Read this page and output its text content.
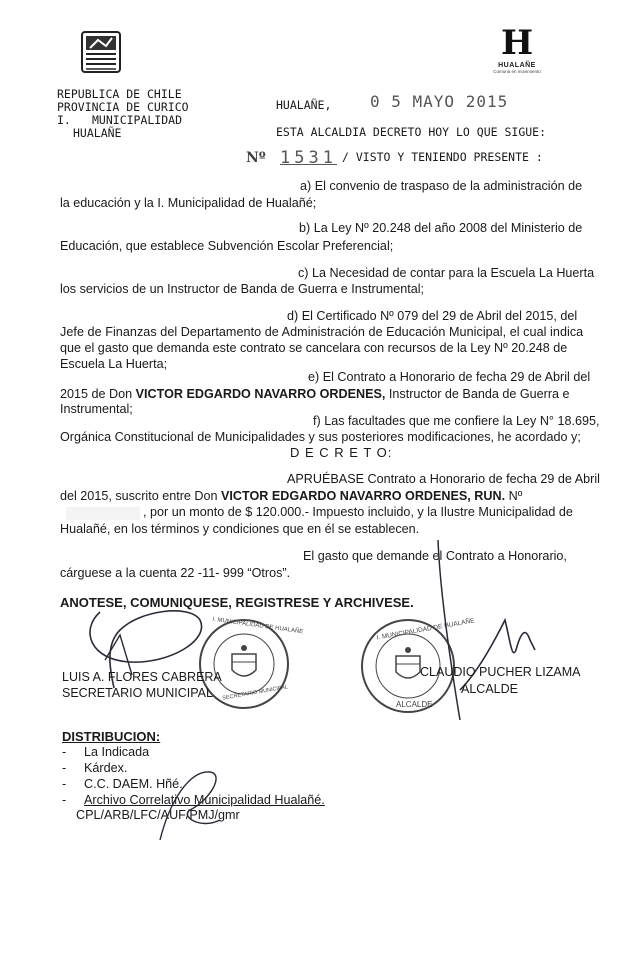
H
HUALAÑE
Comuna en movimiento
REPUBLICA DE CHILE
PROVINCIA DE CURICO
I. MUNICIPALIDAD
HUALAÑE
HUALAÑE, 0 5 MAYO 2015
ESTA ALCALDIA DECRETO HOY LO QUE SIGUE:
Nº 1531 / VISTO Y TENIENDO PRESENTE :
a) El convenio de traspaso de la administración de
la educación y la I. Municipalidad de Hualañé;
b) La Ley Nº 20.248 del año 2008 del Ministerio de
Educación, que establece Subvención Escolar Preferencial;
c) La Necesidad de contar para la Escuela La Huerta
los servicios de un Instructor de Banda de Guerra e Instrumental;
d) El Certificado Nº 079 del 29 de Abril del 2015, del
Jefe de Finanzas del Departamento de Administración de Educación Municipal, el cual indica
que el gasto que demanda este contrato se cancelara con recursos de la Ley Nº 20.248 de
Escuela La Huerta;
e) El Contrato a Honorario de fecha 29 de Abril del
2015 de Don VICTOR EDGARDO NAVARRO ORDENES, Instructor de Banda de Guerra e
Instrumental;
f) Las facultades que me confiere la Ley N° 18.695,
Orgánica Constitucional de Municipalidades y sus posteriores modificaciones, he acordado y;
D E C R E T O:
APRUÉBASE Contrato a Honorario de fecha 29 de Abril
del 2015, suscrito entre Don VICTOR EDGARDO NAVARRO ORDENES, RUN. Nº
, por un monto de $ 120.000.- Impuesto incluido, y la Ilustre Municipalidad de
Hualañé, en los términos y condiciones que en él se establecen.
El gasto que demande el Contrato a Honorario,
cárguese a la cuenta 22 -11- 999 “Otros”.
ANOTESE, COMUNIQUESE, REGISTRESE Y ARCHIVESE.
I. MUNICIPALIDAD DE HUALAÑE
SECRETARIO MUNICIPAL
I. MUNICIPALIDAD DE HUALAÑE
ALCALDE
LUIS A. FLORES CABRERA
SECRETARIO MUNICIPAL
CLAUDIO PUCHER LIZAMA
ALCALDE
DISTRIBUCION:
- La Indicada
- Kárdex.
- C.C. DAEM. Hñé.
- Archivo Correlativo Municipalidad Hualañé.
CPL/ARB/LFC/AUF/PMJ/gmr
